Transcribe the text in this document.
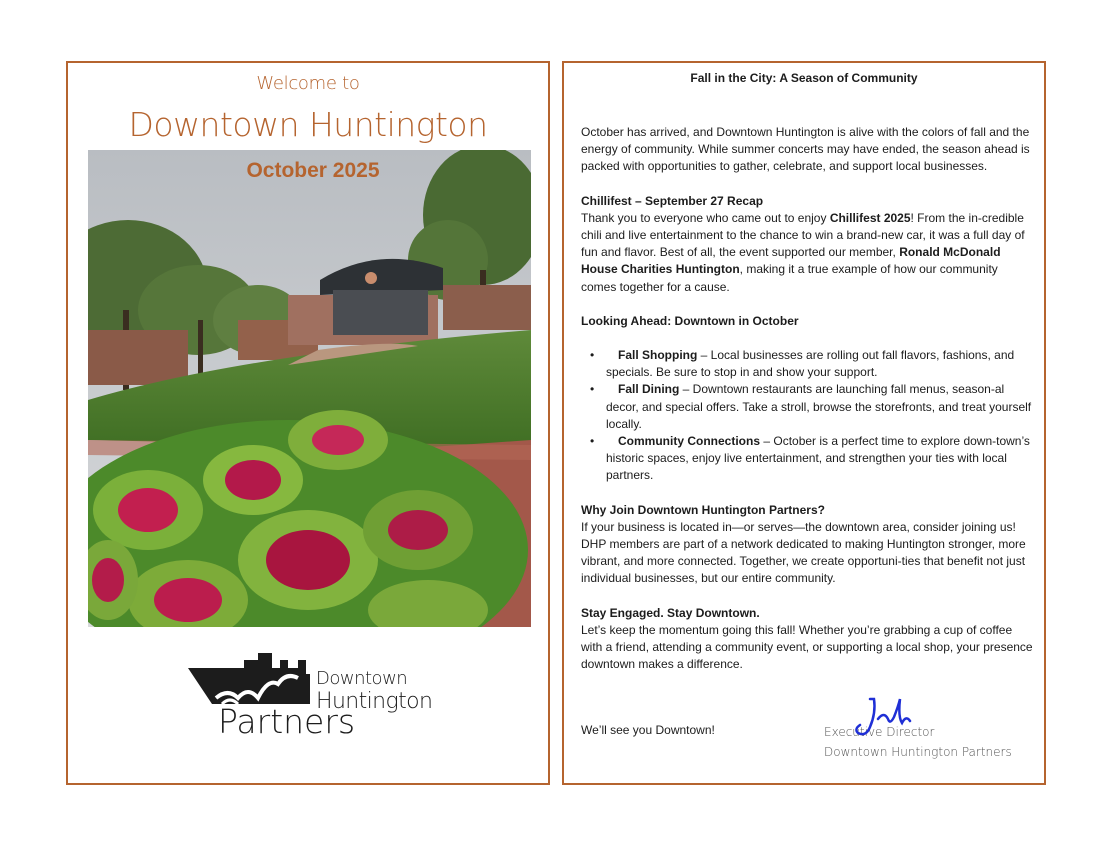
Welcome to
Downtown Huntington
October 2025
Downtown
Huntington
Partners
Fall in the City: A Season of Community

October has arrived, and Downtown Huntington is alive with the colors of fall and the energy of community. While summer concerts may have ended, the season ahead is packed with opportunities to gather, celebrate, and support local businesses.

Chillifest – September 27 Recap
Thank you to everyone who came out to enjoy Chillifest 2025! From the in-credible chili and live entertainment to the chance to win a brand-new car, it was a full day of fun and flavor. Best of all, the event supported our member, Ronald McDonald House Charities Huntington, making it a true example of how our community comes together for a cause.

Looking Ahead: Downtown in October

• Fall Shopping – Local businesses are rolling out fall flavors, fashions, and specials. Be sure to stop in and show your support.
• Fall Dining – Downtown restaurants are launching fall menus, season-al decor, and special offers. Take a stroll, browse the storefronts, and treat yourself locally.
• Community Connections – October is a perfect time to explore down-town’s historic spaces, enjoy live entertainment, and strengthen your ties with local partners.

Why Join Downtown Huntington Partners?
If your business is located in—or serves—the downtown area, consider joining us! DHP members are part of a network dedicated to making Huntington stronger, more vibrant, and more connected. Together, we create opportuni-ties that benefit not just individual businesses, but our entire community.

Stay Engaged. Stay Downtown.
Let’s keep the momentum going this fall! Whether you’re grabbing a cup of coffee with a friend, attending a community event, or supporting a local shop, your presence downtown makes a difference.

We’ll see you Downtown!	Executive Director
Downtown Huntington Partners
